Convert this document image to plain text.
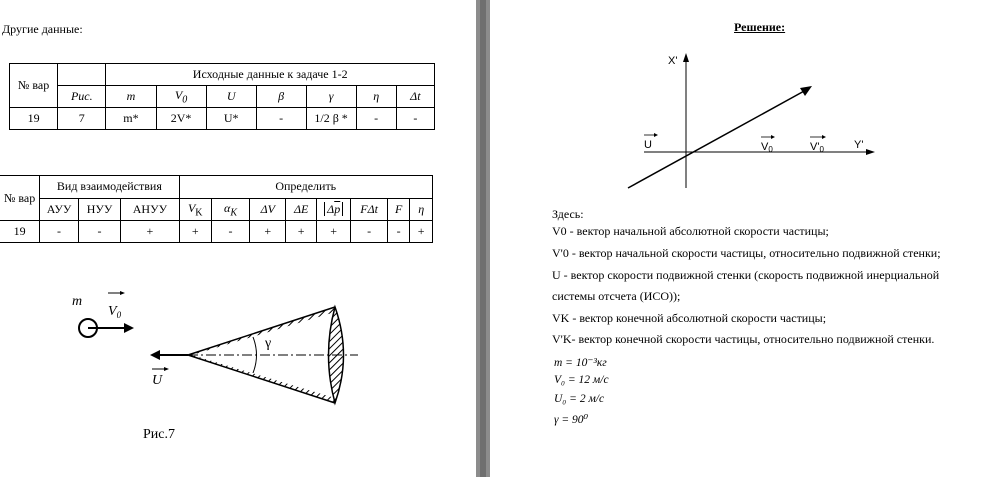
Другие данные:
№ вар		Исходные данные к задаче 1-2						
	Рис.	m	$V_0$	U	β	γ	η	Δt
19	7	m*	2V*	U*	-	1/2 β *	-	-
№ вар	Вид взаимодействия			Определить							
	АУУ	НУУ	АНУУ	$V_K$	$\alpha_K$	ΔV	ΔE	$\Delta\overline{p}$	FΔt	F	η
19	-	-	+	+	-	+	+	+	-	-	+
m
$V_0$
U
γ
Рис.7
Решение:
X'
Y'
U	V0	V'0
Здесь:
V0 - вектор начальной абсолютной скорости частицы;
V'0 - вектор начальной скорости частицы, относительно подвижной стенки;
U - вектор скорости подвижной стенки (скорость подвижной инерциальной
системы отсчета (ИСО));
VK - вектор конечной абсолютной скорости частицы;
V'K- вектор конечной скорости частицы, относительно подвижной стенки.
m = 10⁻³кг
V₀ = 12 м/с
U₀ = 2 м/с
γ = 90⁰
